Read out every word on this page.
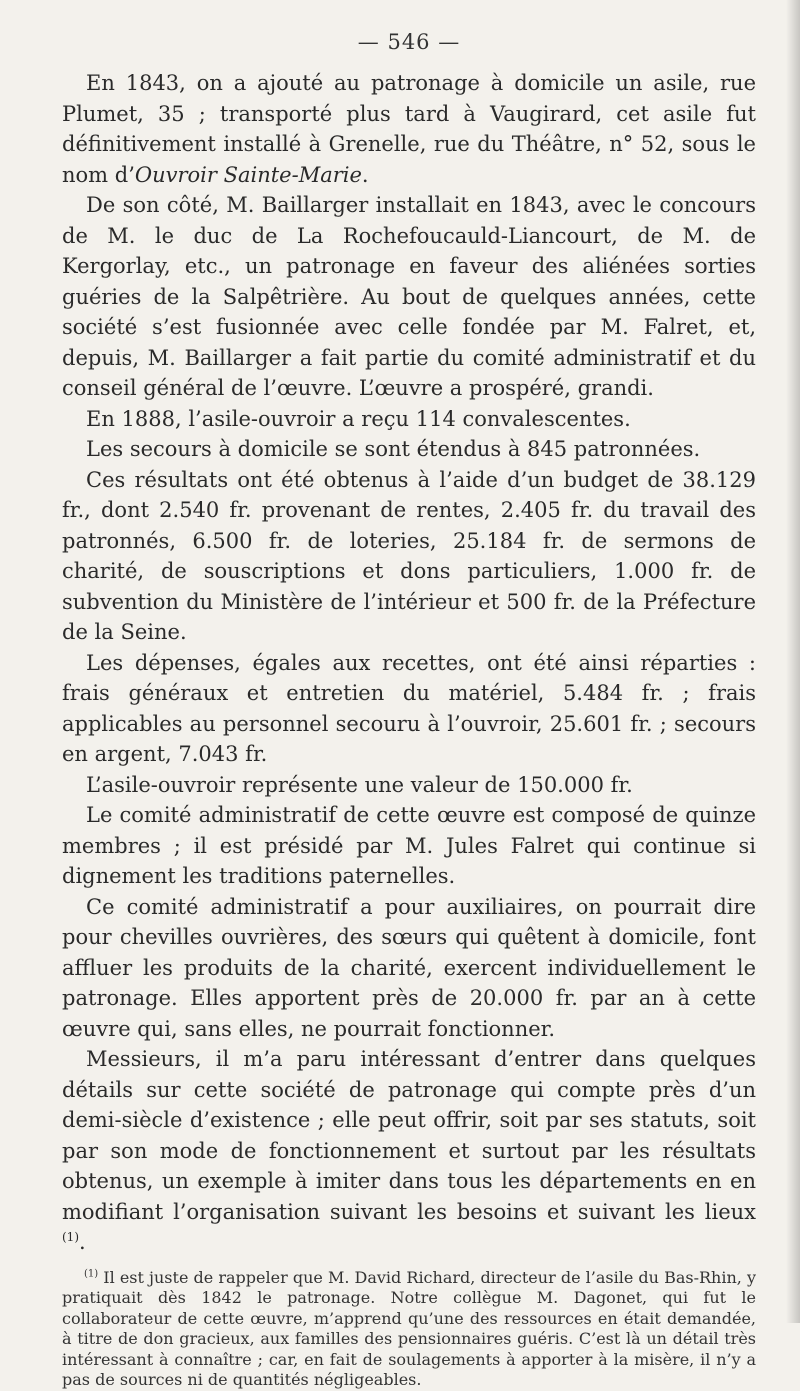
— 546 —

En 1843, on a ajouté au patronage à domicile un asile, rue Plumet, 35 ; transporté plus tard à Vaugirard, cet asile fut définitivement installé à Grenelle, rue du Théâtre, n° 52, sous le nom d’Ouvroir Sainte-Marie.

De son côté, M. Baillarger installait en 1843, avec le concours de M. le duc de La Rochefoucauld-Liancourt, de M. de Kergorlay, etc., un patronage en faveur des aliénées sorties guéries de la Salpêtrière. Au bout de quelques années, cette société s’est fusionnée avec celle fondée par M. Falret, et, depuis, M. Baillarger a fait partie du comité administratif et du conseil général de l’œuvre. L’œuvre a prospéré, grandi.

En 1888, l’asile-ouvroir a reçu 114 convalescentes.

Les secours à domicile se sont étendus à 845 patronnées.

Ces résultats ont été obtenus à l’aide d’un budget de 38.129 fr., dont 2.540 fr. provenant de rentes, 2.405 fr. du travail des patronnés, 6.500 fr. de loteries, 25.184 fr. de sermons de charité, de souscriptions et dons particuliers, 1.000 fr. de subvention du Ministère de l’intérieur et 500 fr. de la Préfecture de la Seine.

Les dépenses, égales aux recettes, ont été ainsi réparties : frais généraux et entretien du matériel, 5.484 fr. ; frais applicables au personnel secouru à l’ouvroir, 25.601 fr. ; secours en argent, 7.043 fr.

L’asile-ouvroir représente une valeur de 150.000 fr.

Le comité administratif de cette œuvre est composé de quinze membres ; il est présidé par M. Jules Falret qui continue si dignement les traditions paternelles.

Ce comité administratif a pour auxiliaires, on pourrait dire pour chevilles ouvrières, des sœurs qui quêtent à domicile, font affluer les produits de la charité, exercent individuellement le patronage. Elles apportent près de 20.000 fr. par an à cette œuvre qui, sans elles, ne pourrait fonctionner.

Messieurs, il m’a paru intéressant d’entrer dans quelques détails sur cette société de patronage qui compte près d’un demi-siècle d’existence ; elle peut offrir, soit par ses statuts, soit par son mode de fonctionnement et surtout par les résultats obtenus, un exemple à imiter dans tous les départements en en modifiant l’organisation suivant les besoins et suivant les lieux $^{(1)}$.

$^{(1)}$ Il est juste de rappeler que M. David Richard, directeur de l’asile du Bas-Rhin, y pratiquait dès 1842 le patronage. Notre collègue M. Dagonet, qui fut le collaborateur de cette œuvre, m’apprend qu’une des ressources en était demandée, à titre de don gracieux, aux familles des pensionnaires guéris. C’est là un détail très intéressant à connaître ; car, en fait de soulagements à apporter à la misère, il n’y a pas de sources ni de quantités négligeables.
